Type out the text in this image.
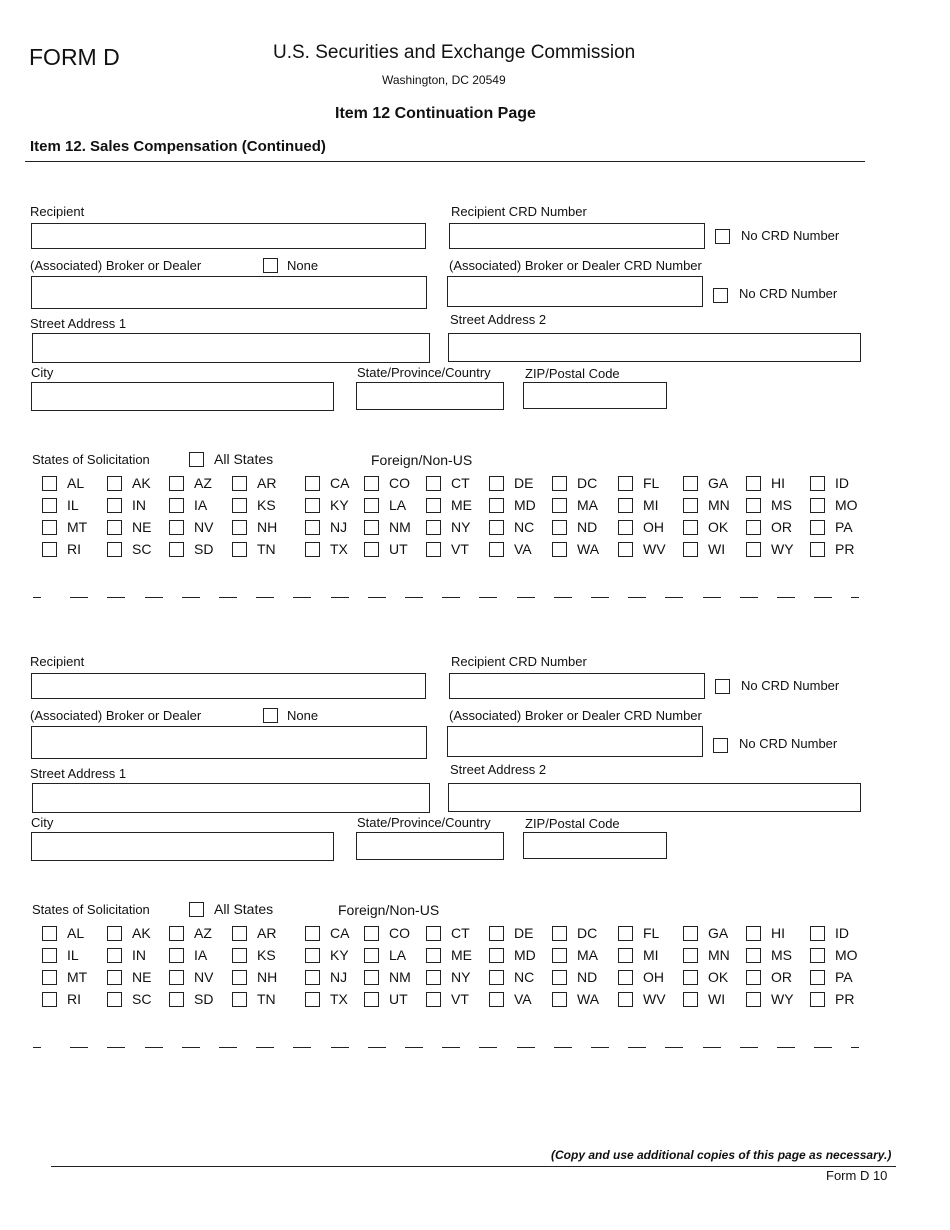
FORM D	U.S. Securities and Exchange Commission
Washington, DC 20549
Item 12 Continuation Page
Item 12. Sales Compensation (Continued)
Recipient	Recipient CRD Number
No CRD Number
(Associated) Broker or Dealer	None	(Associated) Broker or Dealer CRD Number
No CRD Number
Street Address 1	Street Address 2
City	State/Province/Country	ZIP/Postal Code
States of Solicitation	All States	Foreign/Non-US
AL	AK	AZ	AR	CA	CO	CT	DE	DC	FL	GA	HI	ID
IL	IN	IA	KS	KY	LA	ME	MD	MA	MI	MN	MS	MO
MT	NE	NV	NH	NJ	NM	NY	NC	ND	OH	OK	OR	PA
RI	SC	SD	TN	TX	UT	VT	VA	WA	WV	WI	WY	PR
Recipient	Recipient CRD Number
No CRD Number
(Associated) Broker or Dealer	None	(Associated) Broker or Dealer CRD Number
No CRD Number
Street Address 1	Street Address 2
City	State/Province/Country	ZIP/Postal Code
States of Solicitation	All States	Foreign/Non-US
AL	AK	AZ	AR	CA	CO	CT	DE	DC	FL	GA	HI	ID
IL	IN	IA	KS	KY	LA	ME	MD	MA	MI	MN	MS	MO
MT	NE	NV	NH	NJ	NM	NY	NC	ND	OH	OK	OR	PA
RI	SC	SD	TN	TX	UT	VT	VA	WA	WV	WI	WY	PR
(Copy and use additional copies of this page as necessary.)
Form D 10
